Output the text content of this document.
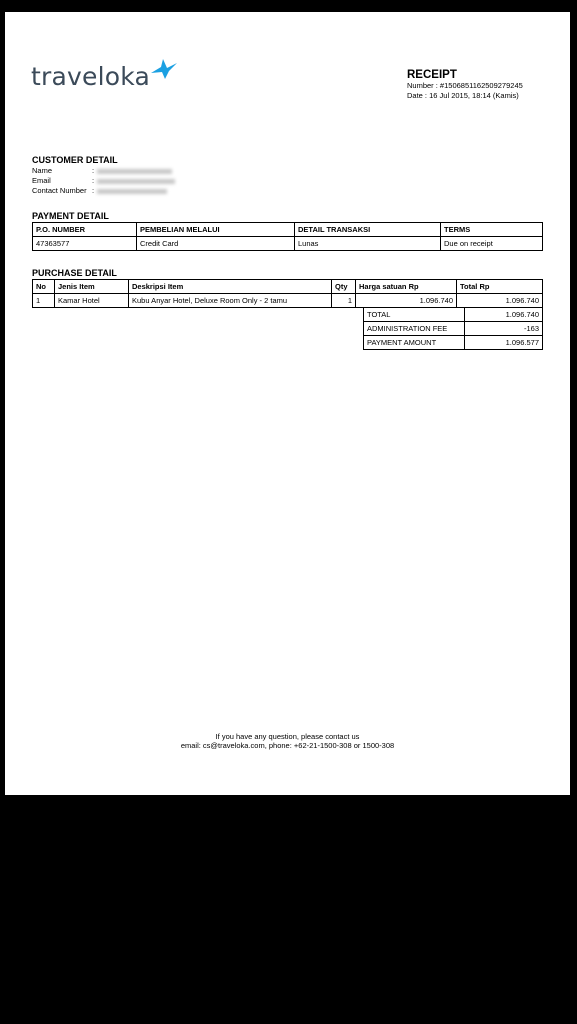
traveloka	RECEIPT
Number : #1506851162509279245
Date : 16 Jul 2015, 18:14 (Kamis)
CUSTOMER DETAIL
Name	:
Email	:
Contact Number :
PAYMENT DETAIL
P.O. NUMBER	PEMBELIAN MELALUI	DETAIL TRANSAKSI	TERMS
47363577	Credit Card	Lunas	Due on receipt
PURCHASE DETAIL
No	Jenis Item	Deskripsi Item	Qty	Harga satuan Rp	Total Rp
1	Kamar Hotel	Kubu Anyar Hotel, Deluxe Room Only - 2 tamu	1	1.096.740	1.096.740
TOTAL	1.096.740
ADMINISTRATION FEE	-163
PAYMENT AMOUNT	1.096.577
If you have any question, please contact us
email: cs@traveloka.com, phone: +62-21-1500-308 or 1500-308
